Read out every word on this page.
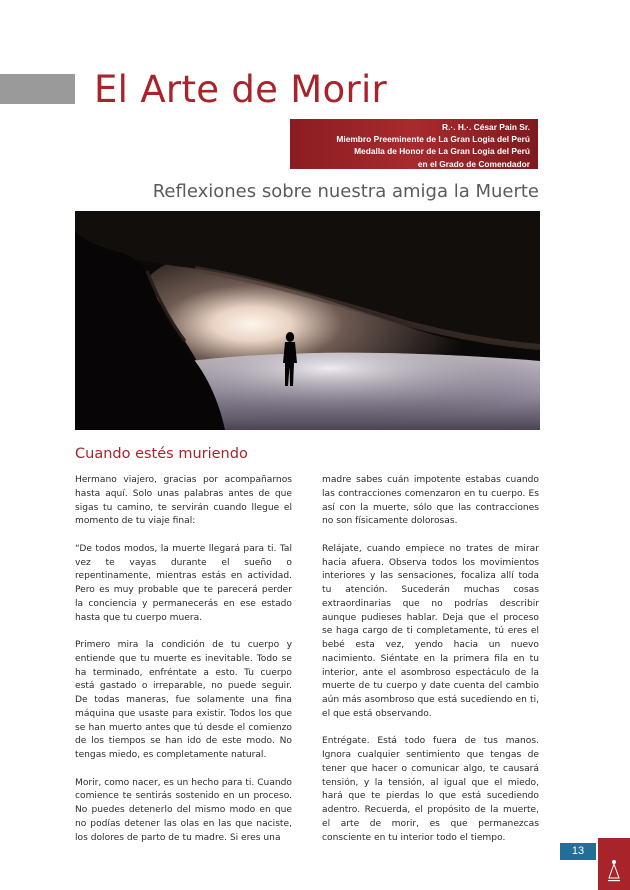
El Arte de Morir
R.·. H.·. César Pain Sr.
Miembro Preeminente de La Gran Logia del Perú
Medalla de Honor de La Gran Logia del Perú
en el Grado de Comendador
Reflexiones sobre nuestra amiga la Muerte
Cuando estés muriendo

Hermano viajero, gracias por acompañarnos hasta aquí. Solo unas palabras antes de que sigas tu camino, te servirán cuando llegue el momento de tu viaje final:

“De todos modos, la muerte llegará para ti. Tal vez te vayas durante el sueño o repentinamente, mientras estás en actividad. Pero es muy probable que te parecerá perder la conciencia y permanecerás en ese estado hasta que tu cuerpo muera.

Primero mira la condición de tu cuerpo y entiende que tu muerte es inevitable. Todo se ha terminado, enfréntate a esto. Tu cuerpo está gastado o irreparable, no puede seguir. De todas maneras, fue solamente una fina máquina que usaste para existir. Todos los que se han muerto antes que tú desde el comienzo de los tiempos se han ido de este modo. No tengas miedo, es completamente natural.

Morir, como nacer, es un hecho para ti. Cuando comience te sentirás sostenido en un proceso. No puedes detenerlo del mismo modo en que no podías detener las olas en las que naciste, los dolores de parto de tu madre. Si eres una

madre sabes cuán impotente estabas cuando las contracciones comenzaron en tu cuerpo. Es así con la muerte, sólo que las contracciones no son físicamente dolorosas.

Relájate, cuando empiece no trates de mirar hacia afuera. Observa todos los movimientos interiores y las sensaciones, focaliza allí toda tu atención. Sucederán muchas cosas extraordinarias que no podrías describir aunque pudieses hablar. Deja que el proceso se haga cargo de ti completamente, tú eres el bebé esta vez, yendo hacia un nuevo nacimiento. Siéntate en la primera fila en tu interior, ante el asombroso espectáculo de la muerte de tu cuerpo y date cuenta del cambio aún más asombroso que está sucediendo en ti, el que está observando.

Entrégate. Está todo fuera de tus manos. Ignora cualquier sentimiento que tengas de tener que hacer o comunicar algo, te causará tensión, y la tensión, al igual que el miedo, hará que te pierdas lo que está sucediendo adentro. Recuerda, el propósito de la muerte, el arte de morir, es que permanezcas consciente en tu interior todo el tiempo.

13
